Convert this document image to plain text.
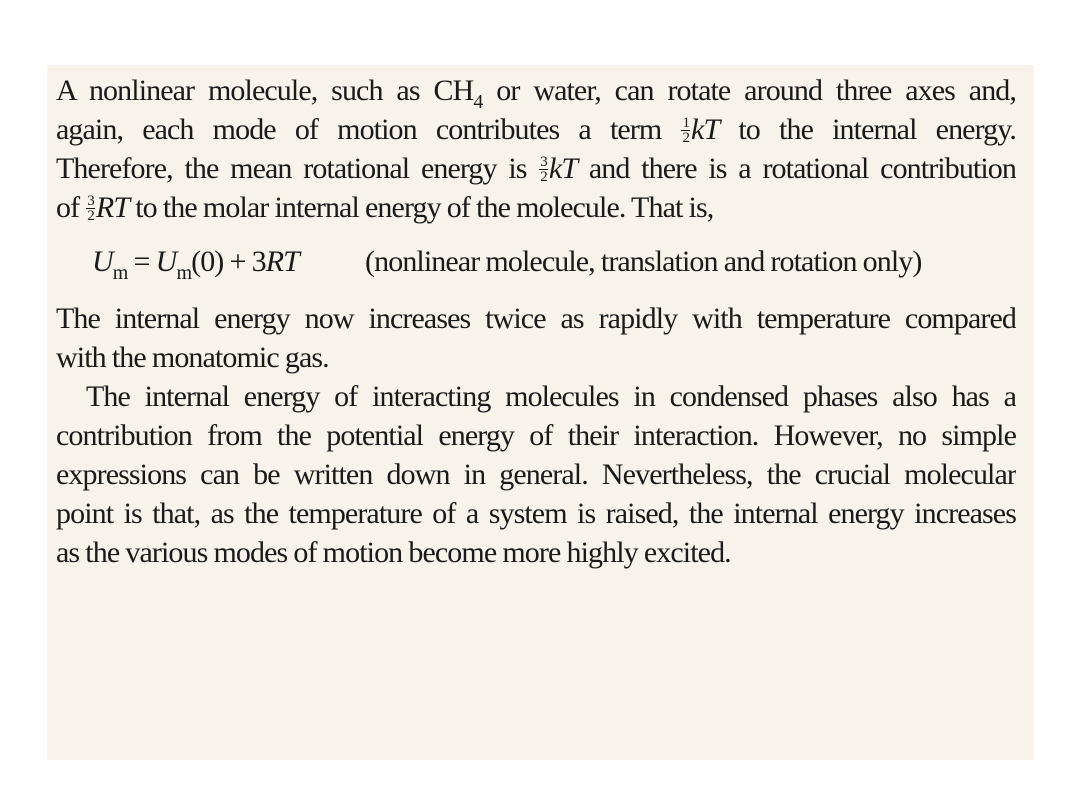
A nonlinear molecule, such as $CH_4$ or water, can rotate around three axes and,
again, each mode of motion contributes a term $\frac{1}{2}$ kT to the internal energy.
Therefore, the mean rotational energy is $\frac{3}{2}$ kT and there is a rotational contribution
of $\frac{3}{2}$ RT to the molar internal energy of the molecule. That is,
$U_m = U_m(0) + 3RT$ (nonlinear molecule, translation and rotation only)
The internal energy now increases twice as rapidly with temperature compared
with the monatomic gas.
The internal energy of interacting molecules in condensed phases also has a
contribution from the potential energy of their interaction. However, no simple
expressions can be written down in general. Nevertheless, the crucial molecular
point is that, as the temperature of a system is raised, the internal energy increases
as the various modes of motion become more highly excited.
